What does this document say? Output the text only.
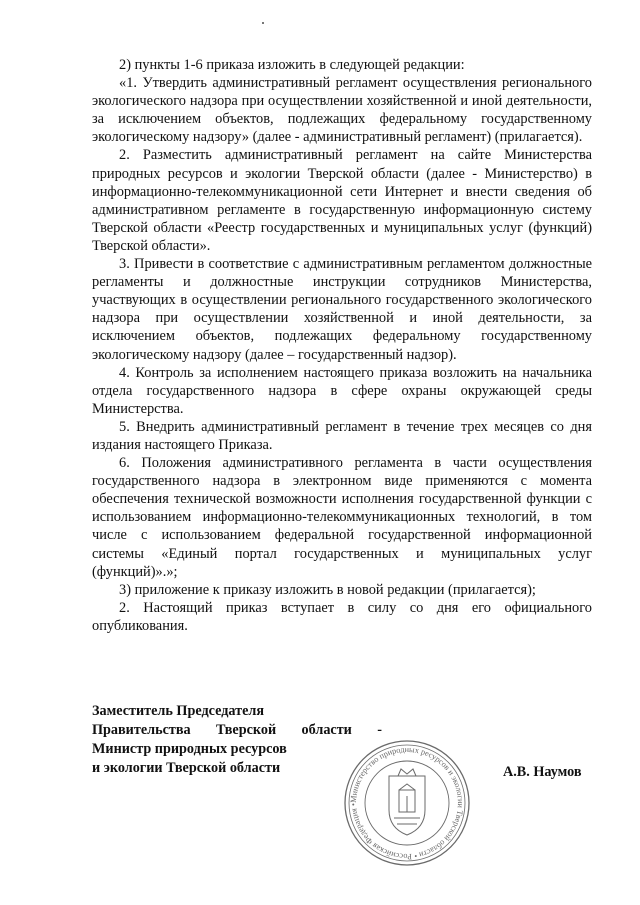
2) пункты 1-6 приказа изложить в следующей редакции:

«1. Утвердить административный регламент осуществления регионального экологического надзора при осуществлении хозяйственной и иной деятельности, за исключением объектов, подлежащих федеральному государственному экологическому надзору» (далее - административный регламент) (прилагается).

2. Разместить административный регламент на сайте Министерства природных ресурсов и экологии Тверской области (далее - Министерство) в информационно-телекоммуникационной сети Интернет и внести сведения об административном регламенте в государственную информационную систему Тверской области «Реестр государственных и муниципальных услуг (функций) Тверской области».

3. Привести в соответствие с административным регламентом должностные регламенты и должностные инструкции сотрудников Министерства, участвующих в осуществлении регионального государственного экологического надзора при осуществлении хозяйственной и иной деятельности, за исключением объектов, подлежащих федеральному государственному экологическому надзору (далее – государственный надзор).

4. Контроль за исполнением настоящего приказа возложить на начальника отдела государственного надзора в сфере охраны окружающей среды Министерства.

5. Внедрить административный регламент в течение трех месяцев со дня издания настоящего Приказа.

6. Положения административного регламента в части осуществления государственного надзора в электронном виде применяются с момента обеспечения технической возможности исполнения государственной функции с использованием информационно-телекоммуникационных технологий, в том числе с использованием федеральной государственной информационной системы «Единый портал государственных и муниципальных услуг (функций)».»;

3) приложение к приказу изложить в новой редакции (прилагается);

2. Настоящий приказ вступает в силу со дня его официального опубликования.

Заместитель Председателя
Правительства Тверской области -
Министр природных ресурсов
и экологии Тверской области
Министерство природных ресурсов и экологии Тверской области • Российская Федерация •
А.В. Наумов
